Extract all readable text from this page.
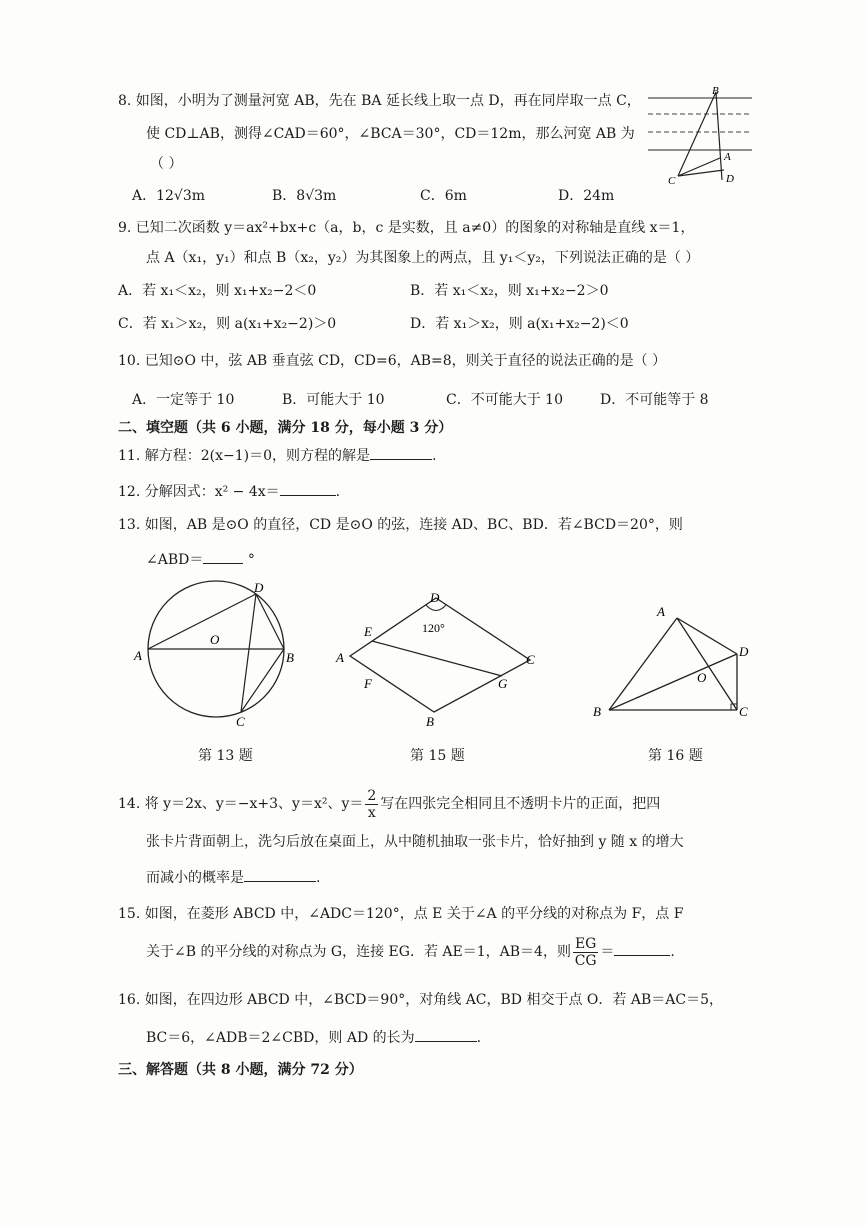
8. 如图，小明为了测量河宽 AB，先在 BA 延长线上取一点 D，再在同岸取一点 C，
使 CD⊥AB，测得∠CAD＝60°，∠BCA＝30°，CD＝12m，那么河宽 AB 为
（ ）
A．12√3m	B．8√3m	C．6m	D．24m
B
A
C	D
9. 已知二次函数 y＝ax²+bx+c（a，b，c 是实数，且 a≠0）的图象的对称轴是直线 x＝1，
点 A（x₁，y₁）和点 B（x₂，y₂）为其图象上的两点，且 y₁＜y₂，下列说法正确的是（ ）
A．若 x₁＜x₂，则 x₁+x₂−2＜0	B．若 x₁＜x₂，则 x₁+x₂−2＞0
C．若 x₁＞x₂，则 a(x₁+x₂−2)＞0	D．若 x₁＞x₂，则 a(x₁+x₂−2)＜0
10. 已知⊙O 中，弦 AB 垂直弦 CD，CD=6，AB=8，则关于直径的说法正确的是（ ）
A．一定等于 10	B．可能大于 10	C．不可能大于 10	D．不可能等于 8
二、填空题（共 6 小题，满分 18 分，每小题 3 分）
11. 解方程：2(x−1)＝0，则方程的解是	.
12. 分解因式：x² − 4x＝	.
13. 如图，AB 是⊙O 的直径，CD 是⊙O 的弦，连接 AD、BC、BD．若∠BCD＝20°，则
∠ABD＝	°
D
O
A	B
C
第 13 题
D
120°
E
A	C
F	G
B
第 15 题
A
D
O
B	C
第 16 题
14. 将 y＝2x、y＝−x+3、y＝x²、$y= \frac{2}{x}$ 写在四张完全相同且不透明卡片的正面，把四
张卡片背面朝上，洗匀后放在桌面上，从中随机抽取一张卡片，恰好抽到 y 随 x 的增大
而减小的概率是	.
15. 如图，在菱形 ABCD 中，∠ADC＝120°，点 E 关于∠A 的平分线的对称点为 F，点 F
关于∠B 的平分线的对称点为 G，连接 EG．若 AE＝1，AB＝4，则 $\frac{EG}{CG}$ ＝	.
16. 如图，在四边形 ABCD 中，∠BCD＝90°，对角线 AC，BD 相交于点 O．若 AB＝AC＝5，
BC＝6，∠ADB＝2∠CBD，则 AD 的长为	.
三、解答题（共 8 小题，满分 72 分）
